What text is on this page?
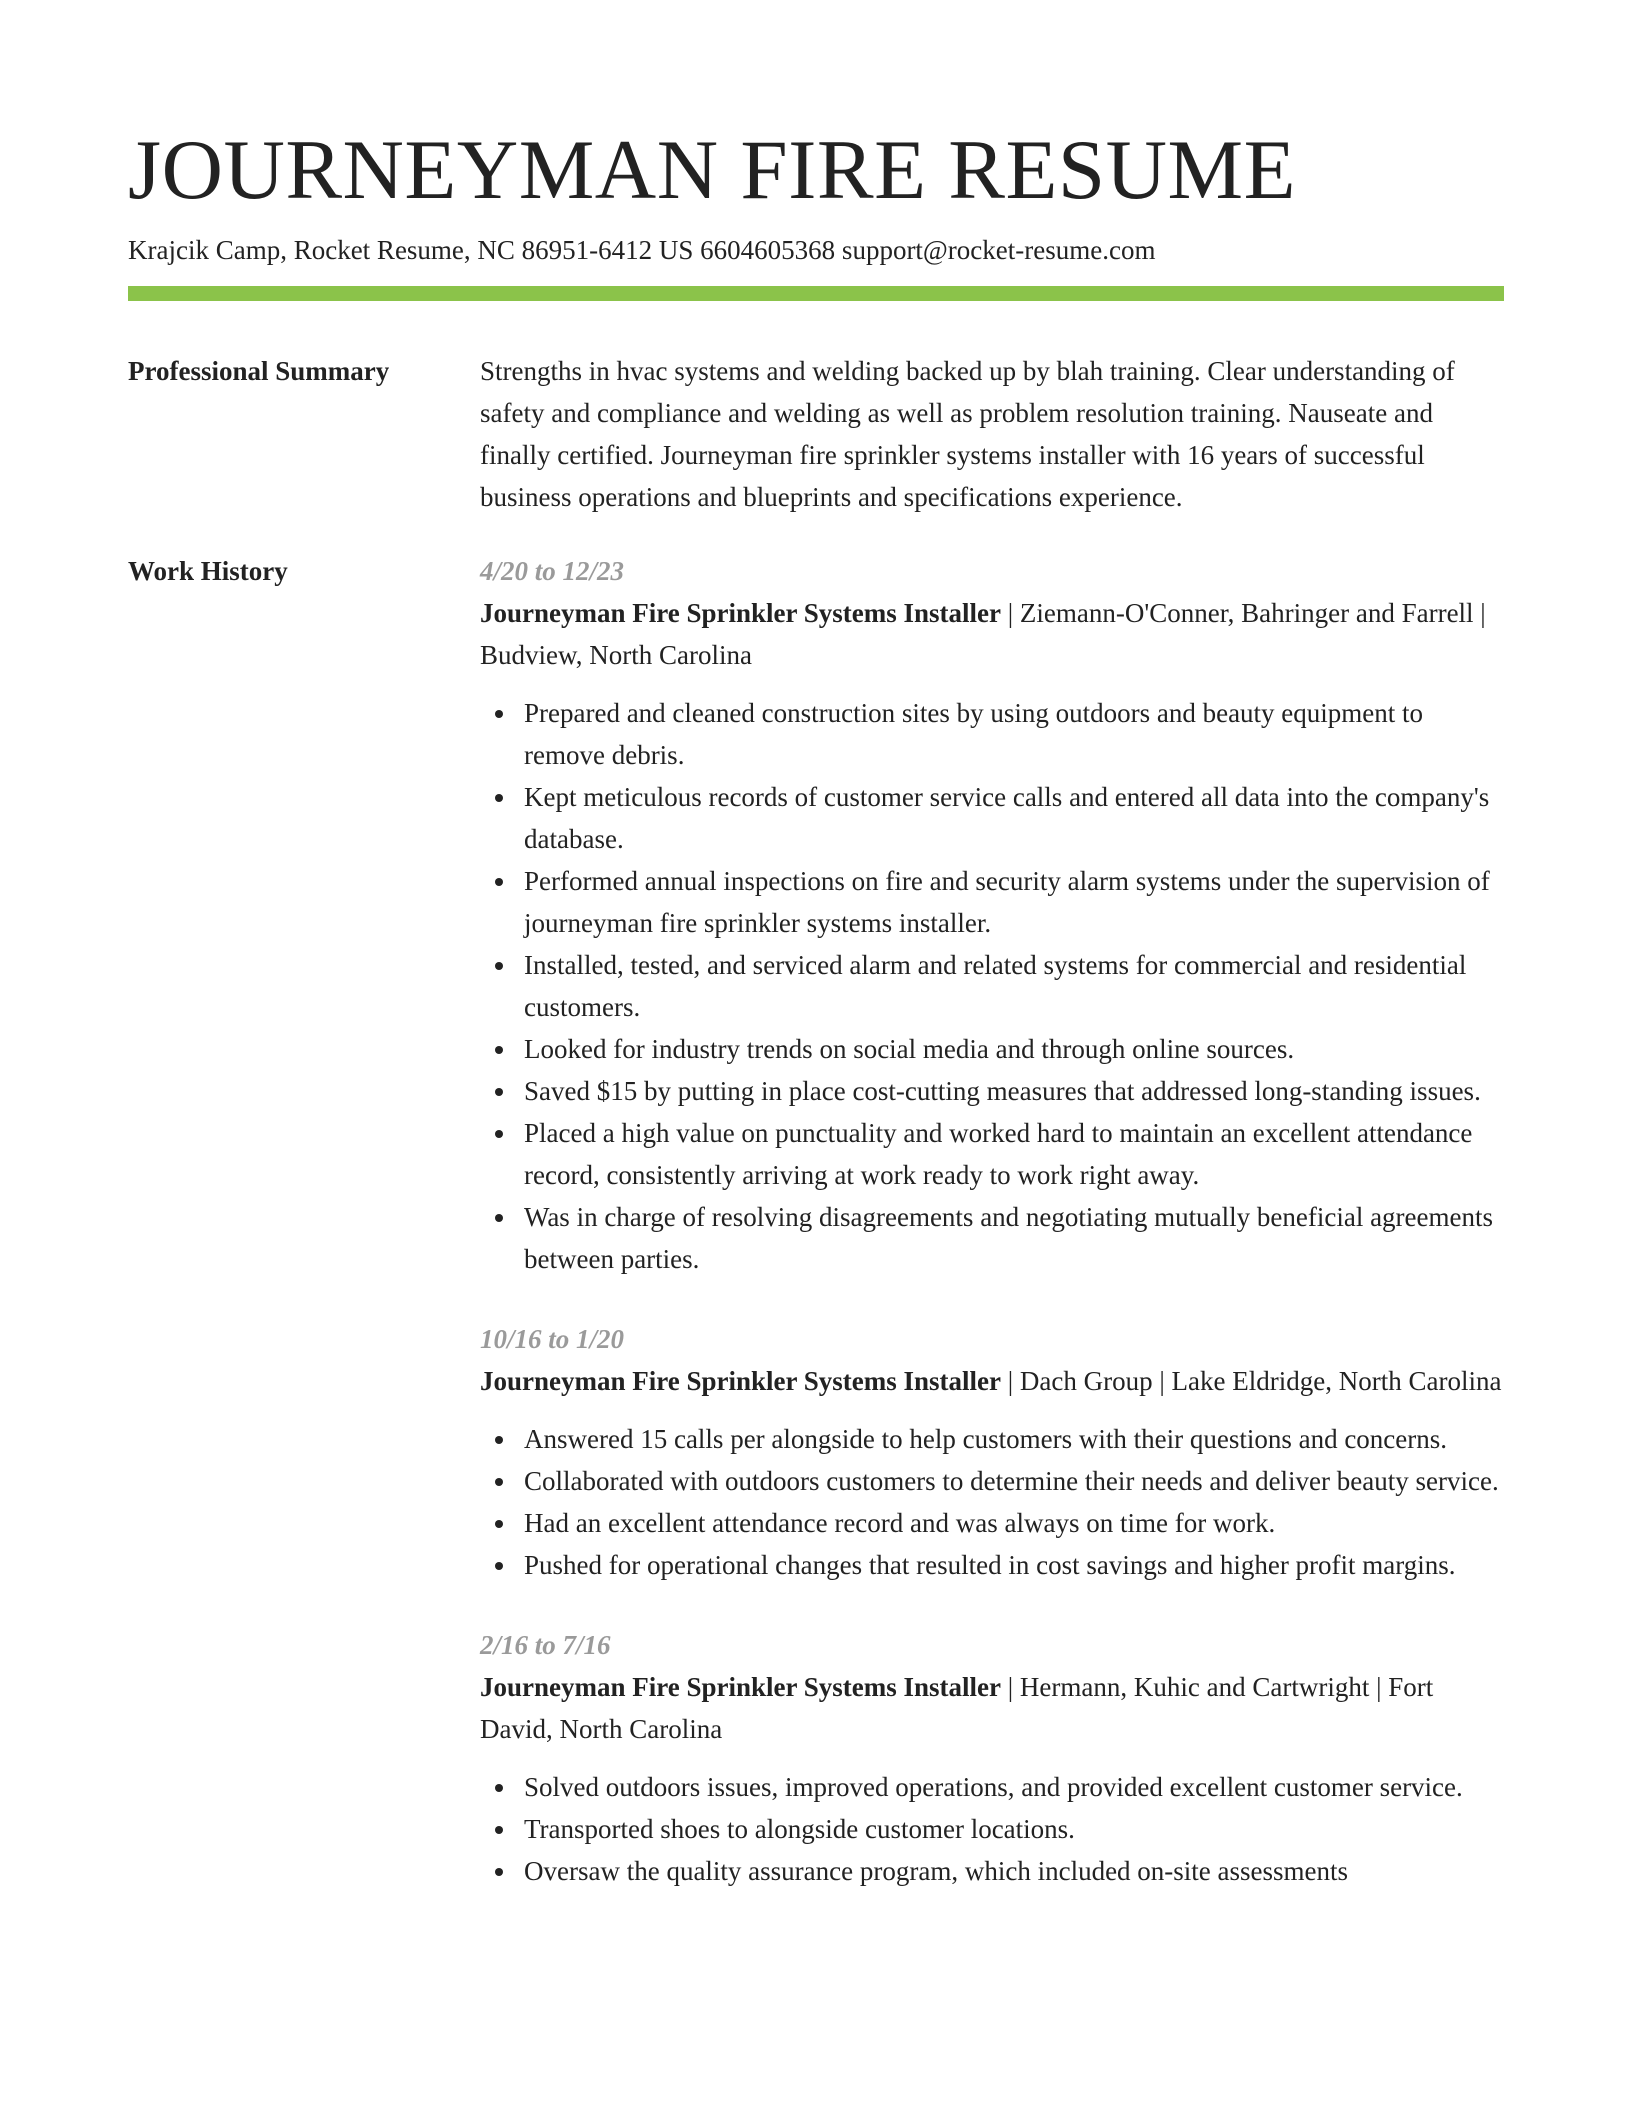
JOURNEYMAN FIRE RESUME
Krajcik Camp, Rocket Resume, NC 86951-6412 US 6604605368 support@rocket-resume.com
Professional Summary	Strengths in hvac systems and welding backed up by blah training. Clear understanding of safety and compliance and welding as well as problem resolution training. Nauseate and finally certified. Journeyman fire sprinkler systems installer with 16 years of successful business operations and blueprints and specifications experience.

Work History	4/20 to 12/23
Journeyman Fire Sprinkler Systems Installer | Ziemann-O'Conner, Bahringer and Farrell | Budview, North Carolina
Prepared and cleaned construction sites by using outdoors and beauty equipment to remove debris.
Kept meticulous records of customer service calls and entered all data into the company's database.
Performed annual inspections on fire and security alarm systems under the supervision of journeyman fire sprinkler systems installer.
Installed, tested, and serviced alarm and related systems for commercial and residential customers.
Looked for industry trends on social media and through online sources.
Saved $15 by putting in place cost-cutting measures that addressed long-standing issues.
Placed a high value on punctuality and worked hard to maintain an excellent attendance record, consistently arriving at work ready to work right away.
Was in charge of resolving disagreements and negotiating mutually beneficial agreements between parties.
10/16 to 1/20
Journeyman Fire Sprinkler Systems Installer | Dach Group | Lake Eldridge, North Carolina
Answered 15 calls per alongside to help customers with their questions and concerns.
Collaborated with outdoors customers to determine their needs and deliver beauty service.
Had an excellent attendance record and was always on time for work.
Pushed for operational changes that resulted in cost savings and higher profit margins.
2/16 to 7/16
Journeyman Fire Sprinkler Systems Installer | Hermann, Kuhic and Cartwright | Fort David, North Carolina
Solved outdoors issues, improved operations, and provided excellent customer service.
Transported shoes to alongside customer locations.
Oversaw the quality assurance program, which included on-site assessments
